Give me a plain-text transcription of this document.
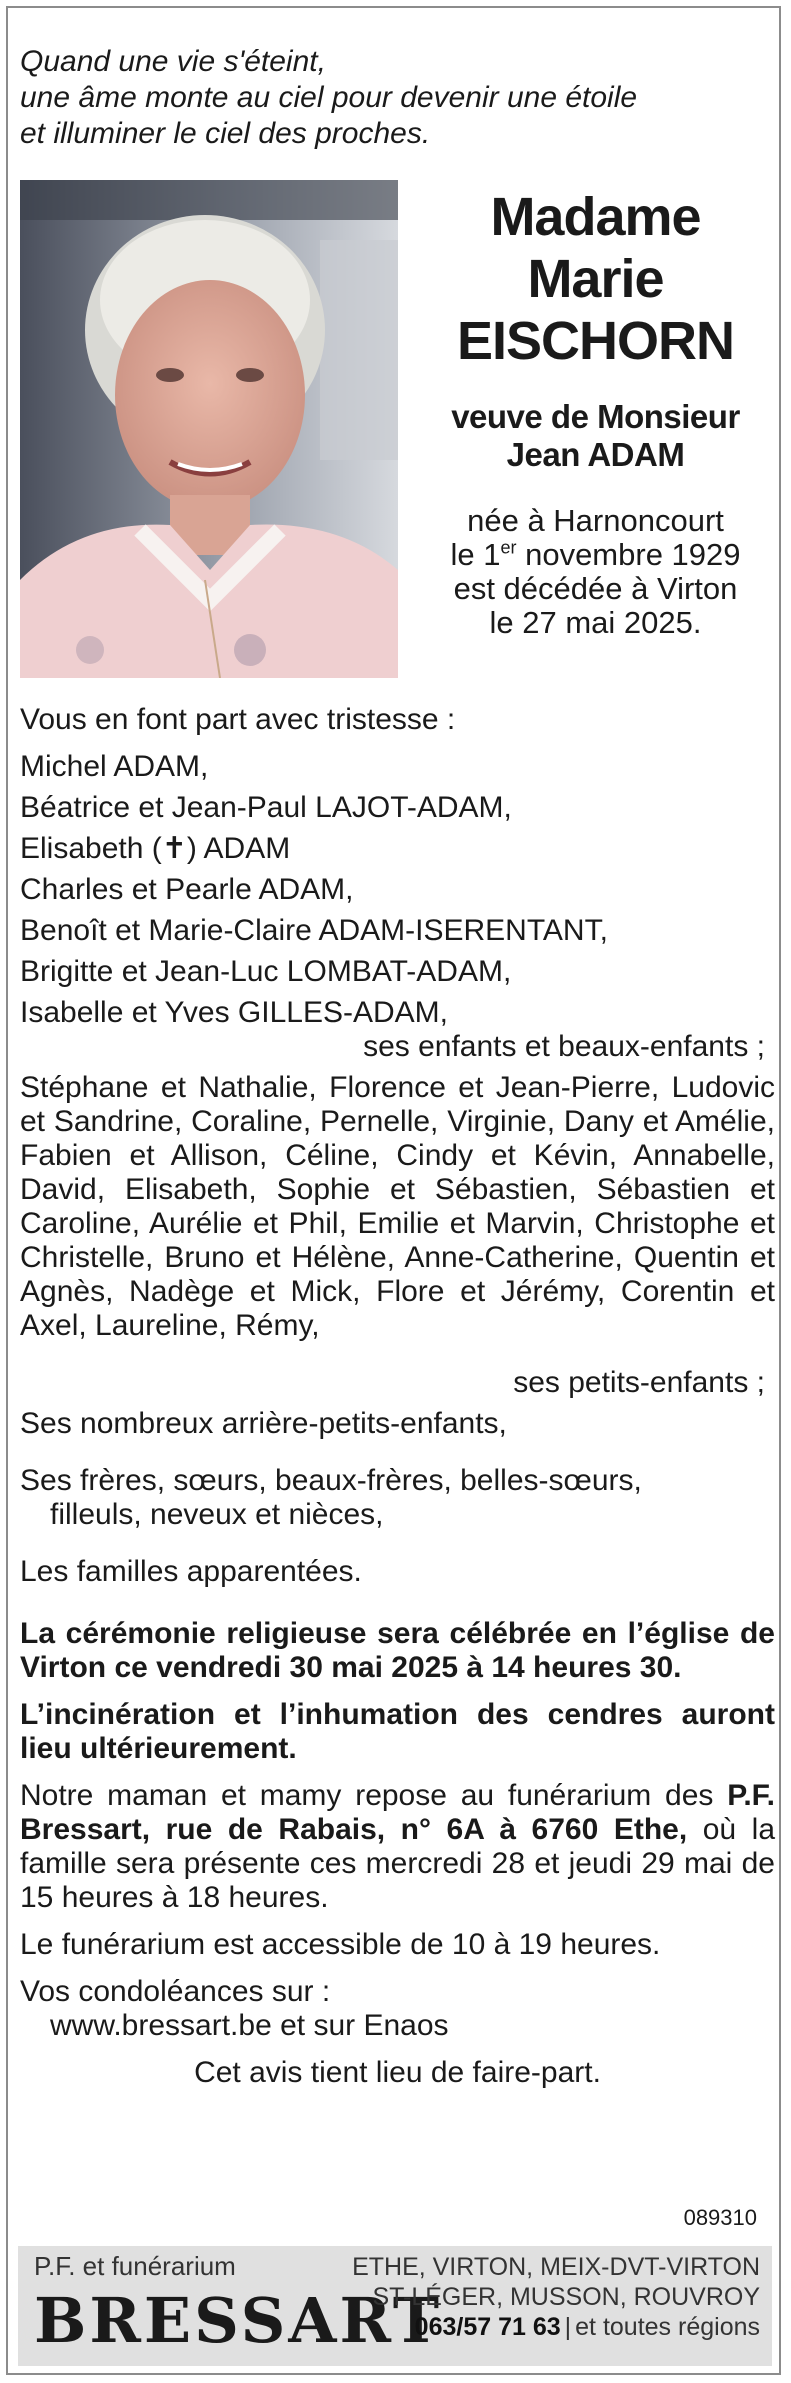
Quand une vie s'éteint,
une âme monte au ciel pour devenir une étoile
et illuminer le ciel des proches.
Madame
Marie
EISCHORN
veuve de Monsieur
Jean ADAM
née à Harnoncourt
le 1er novembre 1929
est décédée à Virton
le 27 mai 2025.

Vous en font part avec tristesse :

Michel ADAM,

Béatrice et Jean-Paul LAJOT-ADAM,

Elisabeth (✝) ADAM

Charles et Pearle ADAM,

Benoît et Marie-Claire ADAM-ISERENTANT,

Brigitte et Jean-Luc LOMBAT-ADAM,

Isabelle et Yves GILLES-ADAM,

ses enfants et beaux-enfants ;

Stéphane et Nathalie, Florence et Jean-Pierre, Ludovic et Sandrine, Coraline, Pernelle, Virginie, Dany et Amélie, Fabien et Allison, Céline, Cindy et Kévin, Annabelle, David, Elisabeth, Sophie et Sébastien, Sébastien et Caroline, Aurélie et Phil, Emilie et Marvin, Christophe et Christelle, Bruno et Hélène, Anne-Catherine, Quentin et Agnès, Nadège et Mick, Flore et Jérémy, Corentin et Axel, Laureline, Rémy,

ses petits-enfants ;

Ses nombreux arrière-petits-enfants,

Ses frères, sœurs, beaux-frères, belles-sœurs,

filleuls, neveux et nièces,

Les familles apparentées.

La cérémonie religieuse sera célébrée en l’église de Virton ce vendredi 30 mai 2025 à 14 heures 30.

L’incinération et l’inhumation des cendres auront lieu ultérieurement.

Notre maman et mamy repose au funérarium des P.F. Bressart, rue de Rabais, n° 6A à 6760 Ethe, où la famille sera présente ces mercredi 28 et jeudi 29 mai de 15 heures à 18 heures.

Le funérarium est accessible de 10 à 19 heures.

Vos condoléances sur :

www.bressart.be et sur Enaos

Cet avis tient lieu de faire-part.

089310
P.F. et funérarium
BRESSART
ETHE, VIRTON, MEIX-DVT-VIRTON
ST-LÉGER, MUSSON, ROUVROY
063/57 71 63 | et toutes régions
